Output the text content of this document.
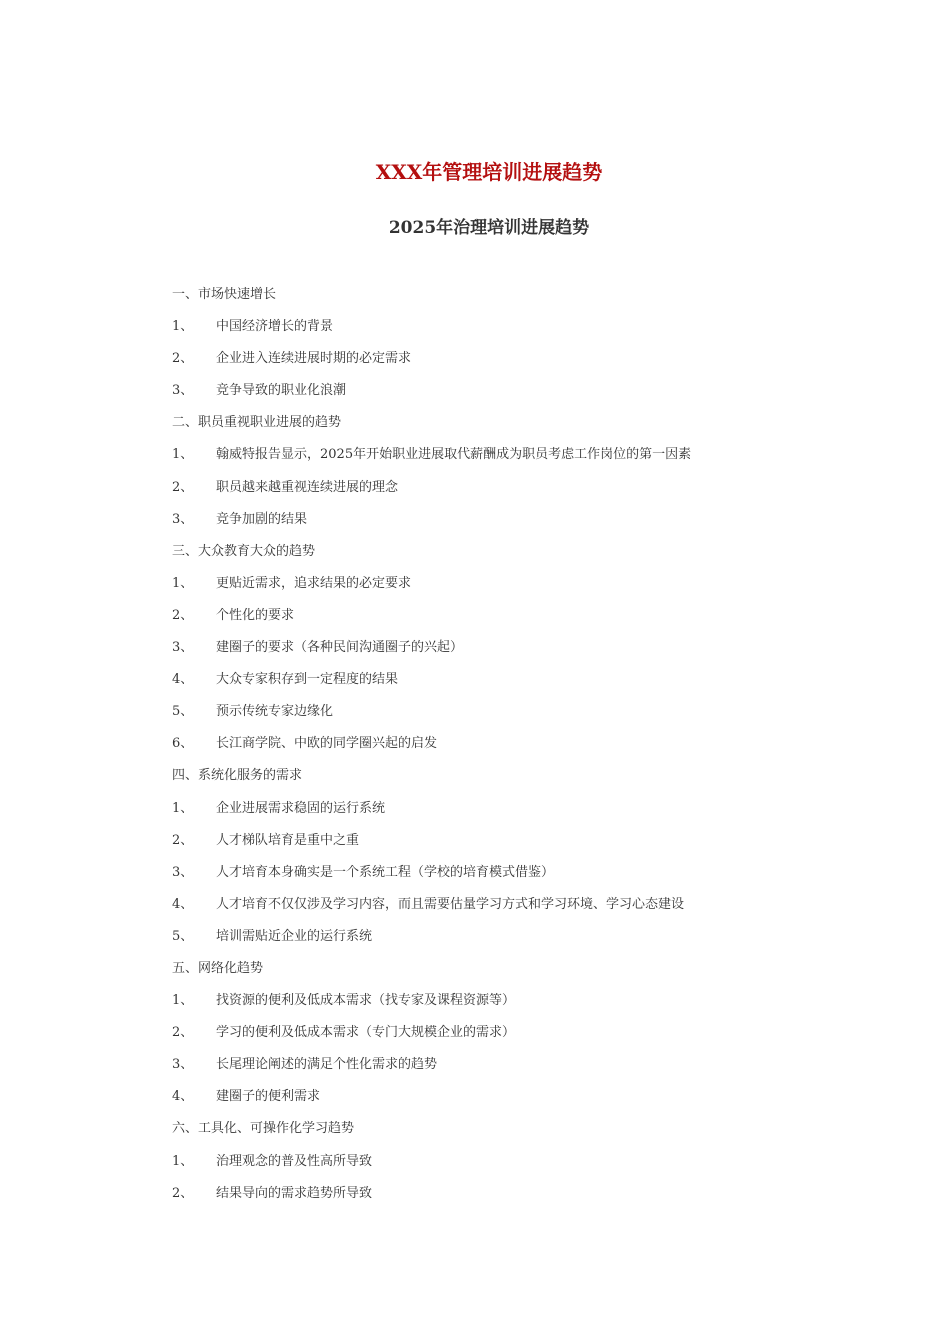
XXX年管理培训进展趋势
2025年治理培训进展趋势
一、市场快速增长
1、 中国经济增长的背景
2、 企业进入连续进展时期的必定需求
3、 竞争导致的职业化浪潮
二、职员重视职业进展的趋势
1、 翰威特报告显示，2025年开始职业进展取代薪酬成为职员考虑工作岗位的第一因素
2、 职员越来越重视连续进展的理念
3、 竞争加剧的结果
三、大众教育大众的趋势
1、 更贴近需求，追求结果的必定要求
2、 个性化的要求
3、 建圈子的要求（各种民间沟通圈子的兴起）
4、 大众专家积存到一定程度的结果
5、 预示传统专家边缘化
6、 长江商学院、中欧的同学圈兴起的启发
四、系统化服务的需求
1、 企业进展需求稳固的运行系统
2、 人才梯队培育是重中之重
3、 人才培育本身确实是一个系统工程（学校的培育模式借鉴）
4、 人才培育不仅仅涉及学习内容，而且需要估量学习方式和学习环境、学习心态建设
5、 培训需贴近企业的运行系统
五、网络化趋势
1、 找资源的便利及低成本需求（找专家及课程资源等）
2、 学习的便利及低成本需求（专门大规模企业的需求）
3、 长尾理论阐述的满足个性化需求的趋势
4、 建圈子的便利需求
六、工具化、可操作化学习趋势
1、 治理观念的普及性高所导致
2、 结果导向的需求趋势所导致
